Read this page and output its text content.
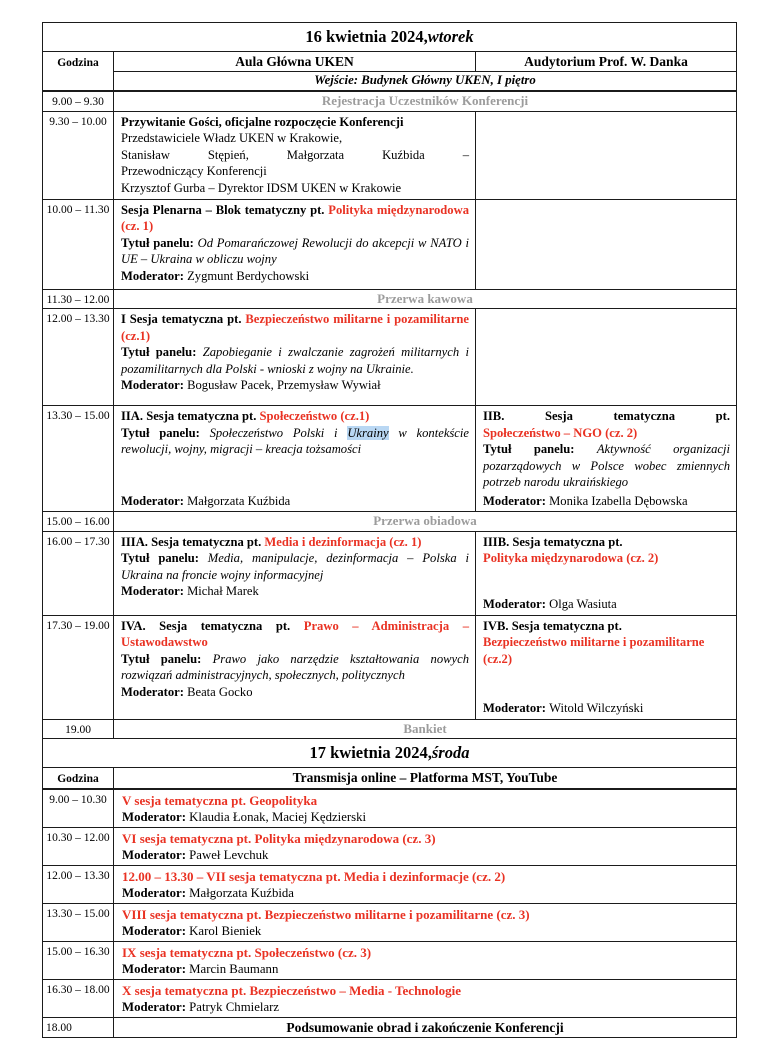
16 kwietnia 2024, wtorek
Godzina	Aula Główna UKEN	Audytorium Prof. W. Danka
Wejście: Budynek Główny UKEN, I piętro
9.00 – 9.30	Rejestracja Uczestników Konferencji
9.30 – 10.00	Przywitanie Gości, oficjalne rozpoczęcie Konferencji
Przedstawiciele Władz UKEN w Krakowie,
Stanisław Stępień, Małgorzata Kuźbida –
Przewodniczący Konferencji
Krzysztof Gurba – Dyrektor IDSM UKEN w Krakowie
10.00 – 11.30 Sesja Plenarna – Blok tematyczny pt. Polityka międzynarodowa (cz. 1)
Tytuł panelu: Od Pomarańczowej Rewolucji do akcepcji w NATO i UE – Ukraina w obliczu wojny
Moderator: Zygmunt Berdychowski
11.30 – 12.00	Przerwa kawowa
12.00 – 13.30 I Sesja tematyczna pt. Bezpieczeństwo militarne i pozamilitarne (cz.1)
Tytuł panelu: Zapobieganie i zwalczanie zagrożeń militarnych i pozamilitarnych dla Polski - wnioski z wojny na Ukrainie.
Moderator: Bogusław Pacek, Przemysław Wywiał
13.30 – 15.00 IIA. Sesja tematyczna pt. Społeczeństwo (cz.1)
Tytuł panelu: Społeczeństwo Polski i Ukrainy w kontekście rewolucji, wojny, migracji – kreacja tożsamości
Moderator: Małgorzata Kuźbida
IIB. Sesja tematyczna pt.
Społeczeństwo – NGO (cz. 2)
Tytuł panelu: Aktywność organizacji pozarządowych w Polsce wobec zmiennych potrzeb narodu ukraińskiego
Moderator: Monika Izabella Dębowska
15.00 – 16.00	Przerwa obiadowa
16.00 – 17.30 IIIA. Sesja tematyczna pt. Media i dezinformacja (cz. 1)
Tytuł panelu: Media, manipulacje, dezinformacja – Polska i Ukraina na froncie wojny informacyjnej
Moderator: Michał Marek
IIIB. Sesja tematyczna pt.
Polityka międzynarodowa (cz. 2)
Moderator: Olga Wasiuta
17.30 – 19.00 IVA. Sesja tematyczna pt. Prawo – Administracja – Ustawodawstwo
Tytuł panelu: Prawo jako narzędzie kształtowania nowych rozwiązań administracyjnych, społecznych, politycznych
Moderator: Beata Gocko
IVB. Sesja tematyczna pt.
Bezpieczeństwo militarne i pozamilitarne (cz.2)
Moderator: Witold Wilczyński
19.00	Bankiet
17 kwietnia 2024, środa
Godzina	Transmisja online – Platforma MST, YouTube
9.00 – 10.30	V sesja tematyczna pt. Geopolityka
Moderator: Klaudia Łonak, Maciej Kędzierski
10.30 – 12.00 VI sesja tematyczna pt. Polityka międzynarodowa (cz. 3)
Moderator: Paweł Levchuk
12.00 – 13.30 12.00 – 13.30 – VII sesja tematyczna pt. Media i dezinformacje (cz. 2)
Moderator: Małgorzata Kuźbida
13.30 – 15.00 VIII sesja tematyczna pt. Bezpieczeństwo militarne i pozamilitarne (cz. 3)
Moderator: Karol Bieniek
15.00 – 16.30 IX sesja tematyczna pt. Społeczeństwo (cz. 3)
Moderator: Marcin Baumann
16.30 – 18.00 X sesja tematyczna pt. Bezpieczeństwo – Media - Technologie
Moderator: Patryk Chmielarz
18.00	Podsumowanie obrad i zakończenie Konferencji
